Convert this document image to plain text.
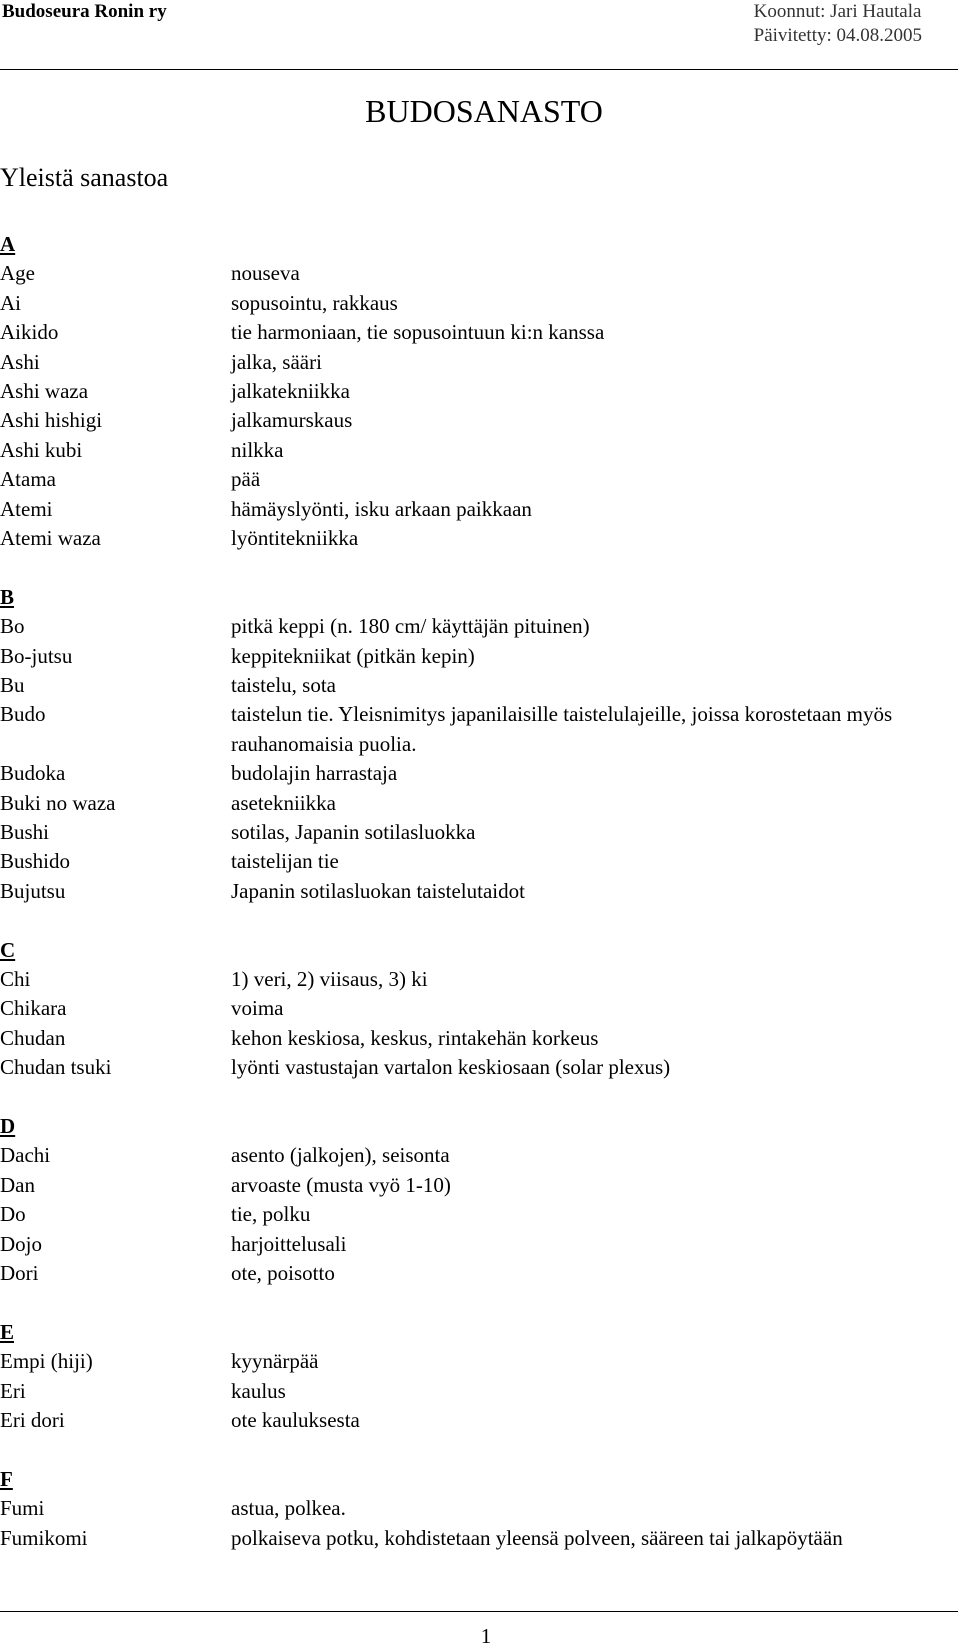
Budoseura Ronin ry	Koonnut: Jari Hautala
Päivitetty: 04.08.2005
BUDOSANASTO
Yleistä sanastoa
A
Age	nouseva
Ai	sopusointu, rakkaus
Aikido	tie harmoniaan, tie sopusointuun ki:n kanssa
Ashi	jalka, sääri
Ashi waza	jalkatekniikka
Ashi hishigi	jalkamurskaus
Ashi kubi	nilkka
Atama	pää
Atemi	hämäyslyönti, isku arkaan paikkaan
Atemi waza	lyöntitekniikka
B
Bo	pitkä keppi (n. 180 cm/ käyttäjän pituinen)
Bo-jutsu	keppitekniikat (pitkän kepin)
Bu	taistelu, sota
Budo	taistelun tie. Yleisnimitys japanilaisille taistelulajeille, joissa korostetaan myös rauhanomaisia puolia.
Budoka	budolajin harrastaja
Buki no waza	asetekniikka
Bushi	sotilas, Japanin sotilasluokka
Bushido	taistelijan tie
Bujutsu	Japanin sotilasluokan taistelutaidot
C
Chi	1) veri, 2) viisaus, 3) ki
Chikara	voima
Chudan	kehon keskiosa, keskus, rintakehän korkeus
Chudan tsuki	lyönti vastustajan vartalon keskiosaan (solar plexus)
D
Dachi	asento (jalkojen), seisonta
Dan	arvoaste (musta vyö 1-10)
Do	tie, polku
Dojo	harjoittelusali
Dori	ote, poisotto
E
Empi (hiji)	kyynärpää
Eri	kaulus
Eri dori	ote kauluksesta
F
Fumi	astua, polkea.
Fumikomi	polkaiseva potku, kohdistetaan yleensä polveen, sääreen tai jalkapöytään
1
